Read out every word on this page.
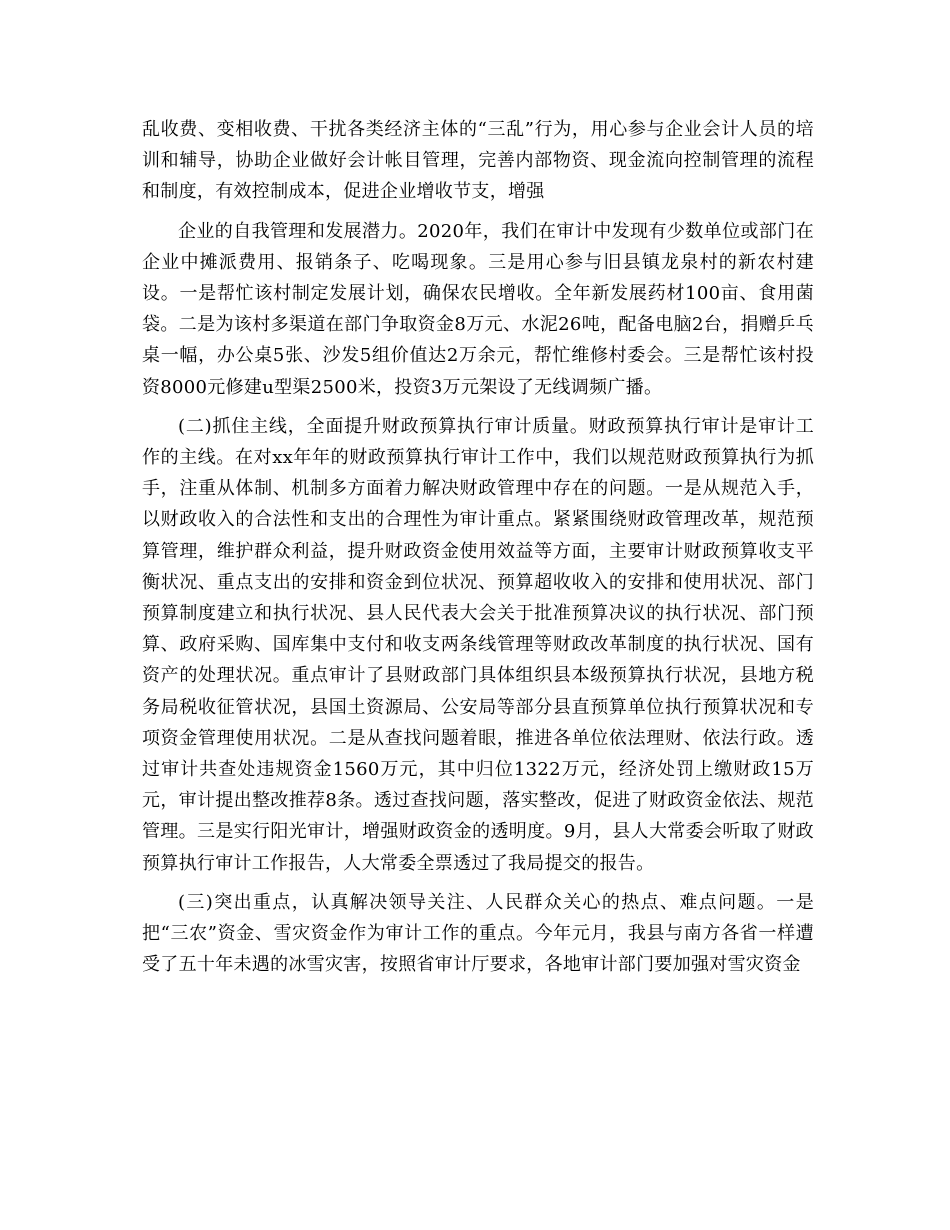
乱收费、变相收费、干扰各类经济主体的“三乱”行为，用心参与企业会计人员的培训和辅导，协助企业做好会计帐目管理，完善内部物资、现金流向控制管理的流程和制度，有效控制成本，促进企业增收节支，增强

企业的自我管理和发展潜力。2020年，我们在审计中发现有少数单位或部门在企业中摊派费用、报销条子、吃喝现象。三是用心参与旧县镇龙泉村的新农村建设。一是帮忙该村制定发展计划，确保农民增收。全年新发展药材100亩、食用菌袋。二是为该村多渠道在部门争取资金8万元、水泥26吨，配备电脑2台，捐赠乒乓桌一幅，办公桌5张、沙发5组价值达2万余元，帮忙维修村委会。三是帮忙该村投资8000元修建u型渠2500米，投资3万元架设了无线调频广播。

(二)抓住主线，全面提升财政预算执行审计质量。财政预算执行审计是审计工作的主线。在对xx年年的财政预算执行审计工作中，我们以规范财政预算执行为抓手，注重从体制、机制多方面着力解决财政管理中存在的问题。一是从规范入手，以财政收入的合法性和支出的合理性为审计重点。紧紧围绕财政管理改革，规范预算管理，维护群众利益，提升财政资金使用效益等方面，主要审计财政预算收支平衡状况、重点支出的安排和资金到位状况、预算超收收入的安排和使用状况、部门预算制度建立和执行状况、县人民代表大会关于批准预算决议的执行状况、部门预算、政府采购、国库集中支付和收支两条线管理等财政改革制度的执行状况、国有资产的处理状况。重点审计了县财政部门具体组织县本级预算执行状况，县地方税务局税收征管状况，县国土资源局、公安局等部分县直预算单位执行预算状况和专项资金管理使用状况。二是从查找问题着眼，推进各单位依法理财、依法行政。透过审计共查处违规资金1560万元，其中归位1322万元，经济处罚上缴财政15万元，审计提出整改推荐8条。透过查找问题，落实整改，促进了财政资金依法、规范管理。三是实行阳光审计，增强财政资金的透明度。9月，县人大常委会听取了财政预算执行审计工作报告，人大常委全票透过了我局提交的报告。

(三)突出重点，认真解决领导关注、人民群众关心的热点、难点问题。一是把“三农”资金、雪灾资金作为审计工作的重点。今年元月，我县与南方各省一样遭受了五十年未遇的冰雪灾害，按照省审计厅要求，各地审计部门要加强对雪灾资金
